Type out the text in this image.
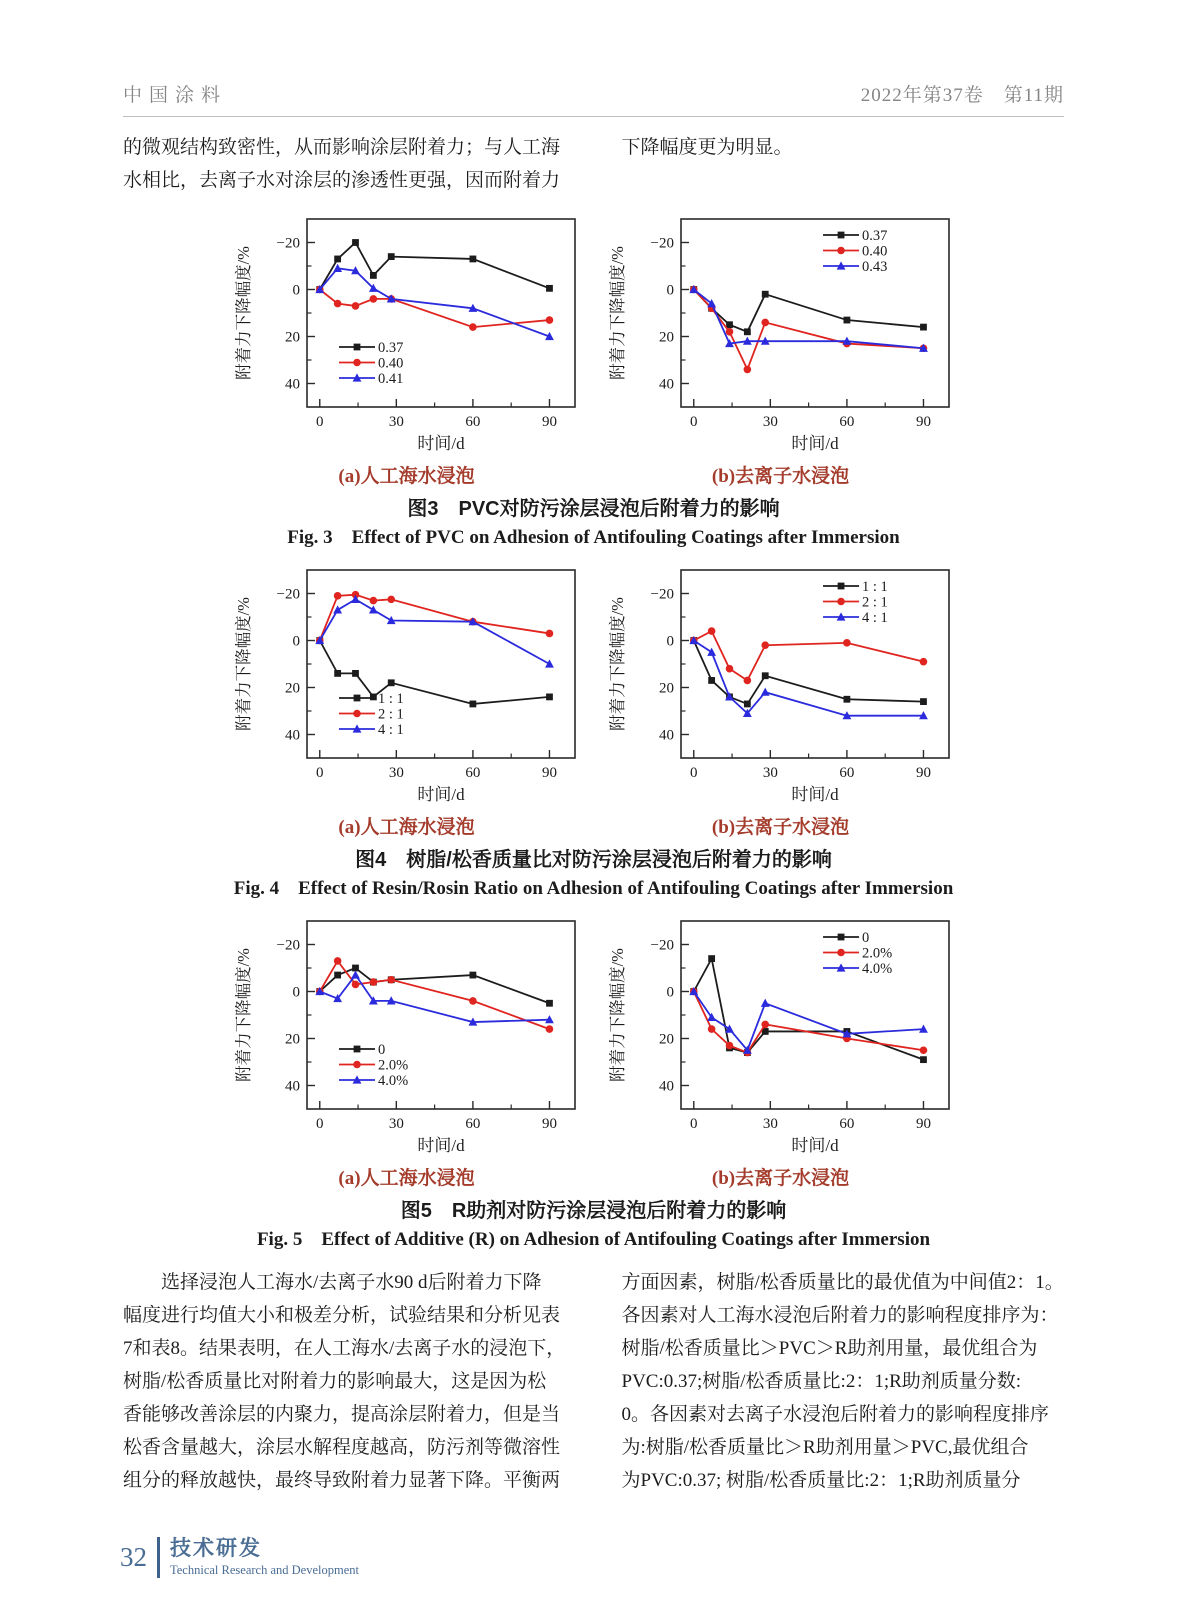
中国涂料	2022年第37卷　第11期
的微观结构致密性，从而影响涂层附着力；与人工海
水相比，去离子水对涂层的渗透性更强，因而附着力
下降幅度更为明显。
−20
0
20
40
0	30	60	90
附着力下降幅度/%
时间/d
0.37
0.40
0.41
(a)人工海水浸泡
−20
0
20
40
0	30	60	90
附着力下降幅度/%
时间/d
0.37
0.40
0.43
(b)去离子水浸泡
图3　PVC对防污涂层浸泡后附着力的影响
Fig. 3　Effect of PVC on Adhesion of Antifouling Coatings after Immersion
−20
0
20
40
0	30	60	90
附着力下降幅度/%
时间/d
1 : 1
2 : 1
4 : 1
(a)人工海水浸泡
−20
0
20
40
0	30	60	90
附着力下降幅度/%
时间/d
1 : 1
2 : 1
4 : 1
(b)去离子水浸泡
图4　树脂/松香质量比对防污涂层浸泡后附着力的影响
Fig. 4　Effect of Resin/Rosin Ratio on Adhesion of Antifouling Coatings after Immersion
−20
0
20
40
0	30	60	90
附着力下降幅度/%
时间/d
0
2.0%
4.0%
(a)人工海水浸泡
−20
0
20
40
0	30	60	90
附着力下降幅度/%
时间/d
0
2.0%
4.0%
(b)去离子水浸泡
图5　R助剂对防污涂层浸泡后附着力的影响
Fig. 5　Effect of Additive (R) on Adhesion of Antifouling Coatings after Immersion
　　选择浸泡人工海水/去离子水90 d后附着力下降
幅度进行均值大小和极差分析，试验结果和分析见表
7和表8。结果表明，在人工海水/去离子水的浸泡下，
树脂/松香质量比对附着力的影响最大，这是因为松
香能够改善涂层的内聚力，提高涂层附着力，但是当
松香含量越大，涂层水解程度越高，防污剂等微溶性
组分的释放越快，最终导致附着力显著下降。平衡两
方面因素，树脂/松香质量比的最优值为中间值2：1。
各因素对人工海水浸泡后附着力的影响程度排序为：
树脂/松香质量比＞PVC＞R助剂用量，最优组合为
PVC:0.37;树脂/松香质量比:2：1;R助剂质量分数:
0。各因素对去离子水浸泡后附着力的影响程度排序
为:树脂/松香质量比＞R助剂用量＞PVC,最优组合
为PVC:0.37; 树脂/松香质量比:2：1;R助剂质量分
32 技术研发
Technical Research and Development
